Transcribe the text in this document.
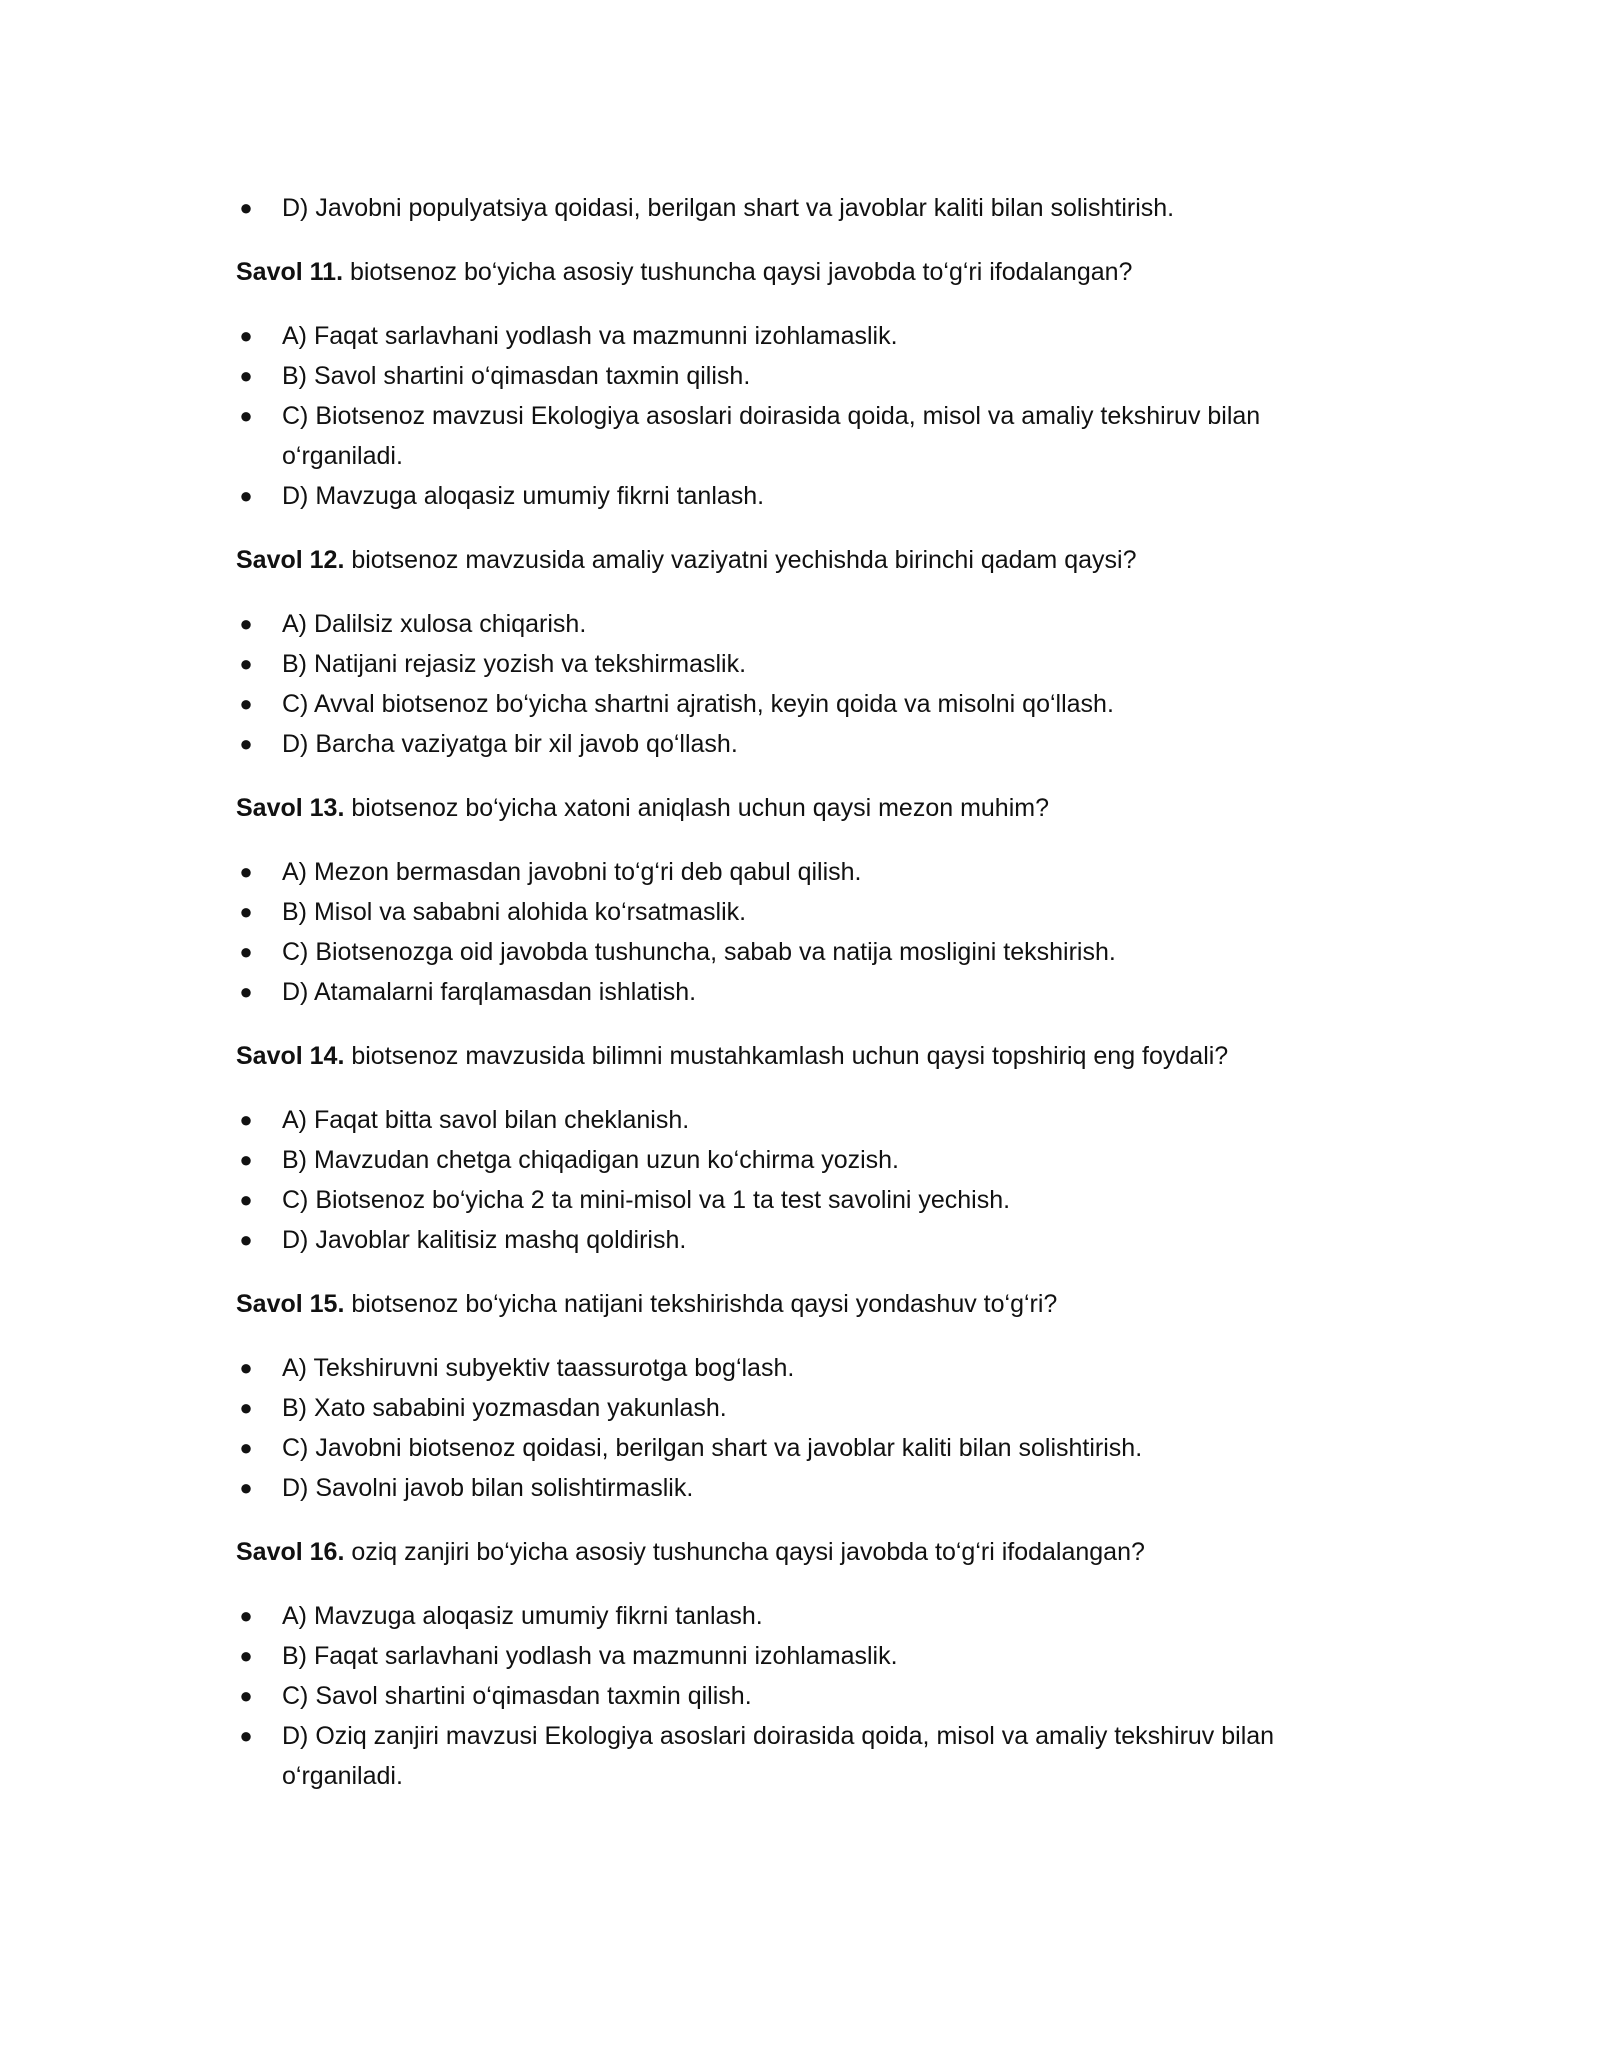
● D) Javobni populyatsiya qoidasi, berilgan shart va javoblar kaliti bilan solishtirish.

Savol 11. biotsenoz bo‘yicha asosiy tushuncha qaysi javobda to‘g‘ri ifodalangan?

● A) Faqat sarlavhani yodlash va mazmunni izohlamaslik.
● B) Savol shartini o‘qimasdan taxmin qilish.
● C) Biotsenoz mavzusi Ekologiya asoslari doirasida qoida, misol va amaliy tekshiruv bilan o‘rganiladi.
● D) Mavzuga aloqasiz umumiy fikrni tanlash.

Savol 12. biotsenoz mavzusida amaliy vaziyatni yechishda birinchi qadam qaysi?

● A) Dalilsiz xulosa chiqarish.
● B) Natijani rejasiz yozish va tekshirmaslik.
● C) Avval biotsenoz bo‘yicha shartni ajratish, keyin qoida va misolni qo‘llash.
● D) Barcha vaziyatga bir xil javob qo‘llash.

Savol 13. biotsenoz bo‘yicha xatoni aniqlash uchun qaysi mezon muhim?

● A) Mezon bermasdan javobni to‘g‘ri deb qabul qilish.
● B) Misol va sababni alohida ko‘rsatmaslik.
● C) Biotsenozga oid javobda tushuncha, sabab va natija mosligini tekshirish.
● D) Atamalarni farqlamasdan ishlatish.

Savol 14. biotsenoz mavzusida bilimni mustahkamlash uchun qaysi topshiriq eng foydali?

● A) Faqat bitta savol bilan cheklanish.
● B) Mavzudan chetga chiqadigan uzun ko‘chirma yozish.
● C) Biotsenoz bo‘yicha 2 ta mini-misol va 1 ta test savolini yechish.
● D) Javoblar kalitisiz mashq qoldirish.

Savol 15. biotsenoz bo‘yicha natijani tekshirishda qaysi yondashuv to‘g‘ri?

● A) Tekshiruvni subyektiv taassurotga bog‘lash.
● B) Xato sababini yozmasdan yakunlash.
● C) Javobni biotsenoz qoidasi, berilgan shart va javoblar kaliti bilan solishtirish.
● D) Savolni javob bilan solishtirmaslik.

Savol 16. oziq zanjiri bo‘yicha asosiy tushuncha qaysi javobda to‘g‘ri ifodalangan?

● A) Mavzuga aloqasiz umumiy fikrni tanlash.
● B) Faqat sarlavhani yodlash va mazmunni izohlamaslik.
● C) Savol shartini o‘qimasdan taxmin qilish.
● D) Oziq zanjiri mavzusi Ekologiya asoslari doirasida qoida, misol va amaliy tekshiruv bilan o‘rganiladi.
